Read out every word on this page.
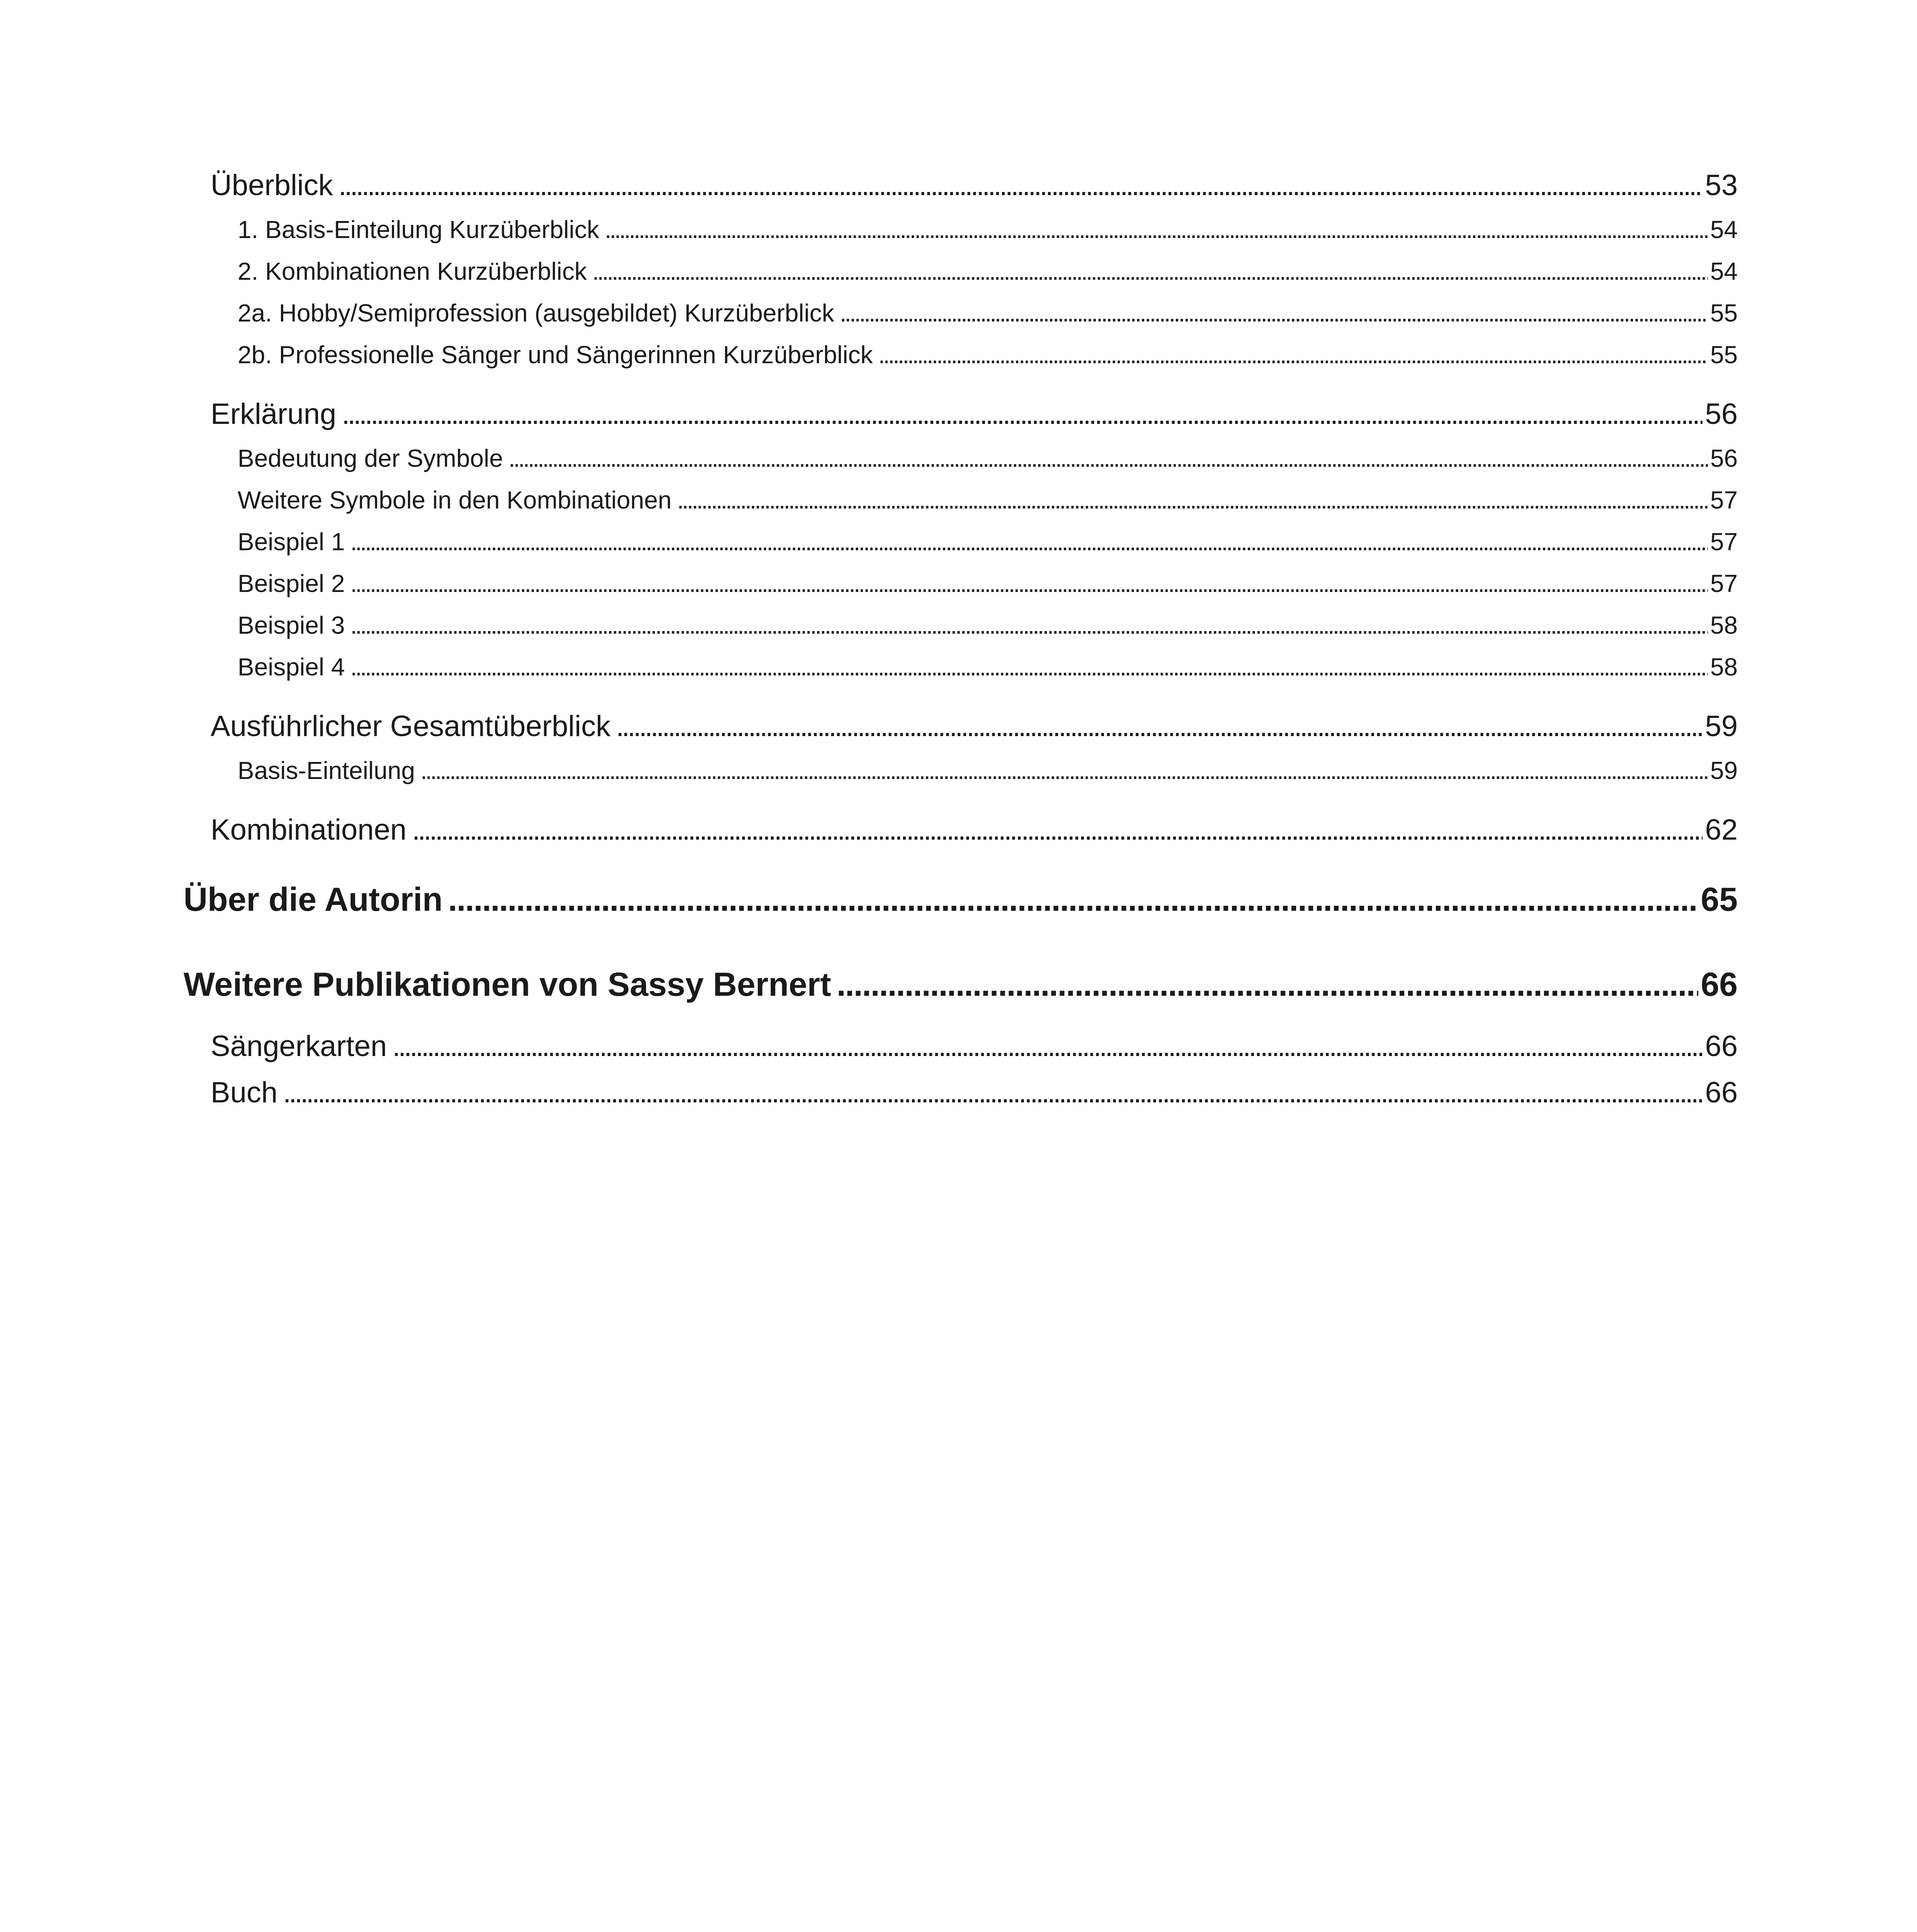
Überblick . . .	53
1. Basis-Einteilung Kurzüberblick . . .	54
2. Kombinationen Kurzüberblick . . .	54
2a. Hobby/Semiprofession (ausgebildet) Kurzüberblick . . .	55
2b. Professionelle Sänger und Sängerinnen Kurzüberblick . . .	55
Erklärung . . .	56
Bedeutung der Symbole . . .	56
Weitere Symbole in den Kombinationen . . .	57
Beispiel 1 . . .	57
Beispiel 2 . . .	57
Beispiel 3 . . .	58
Beispiel 4 . . .	58
Ausführlicher Gesamtüberblick . . .	59
Basis-Einteilung . . .	59
Kombinationen . . .	62
Über die Autorin . . .	65
Weitere Publikationen von Sassy Bernert . . .	66
Sängerkarten . . .	66
Buch . . .	66
